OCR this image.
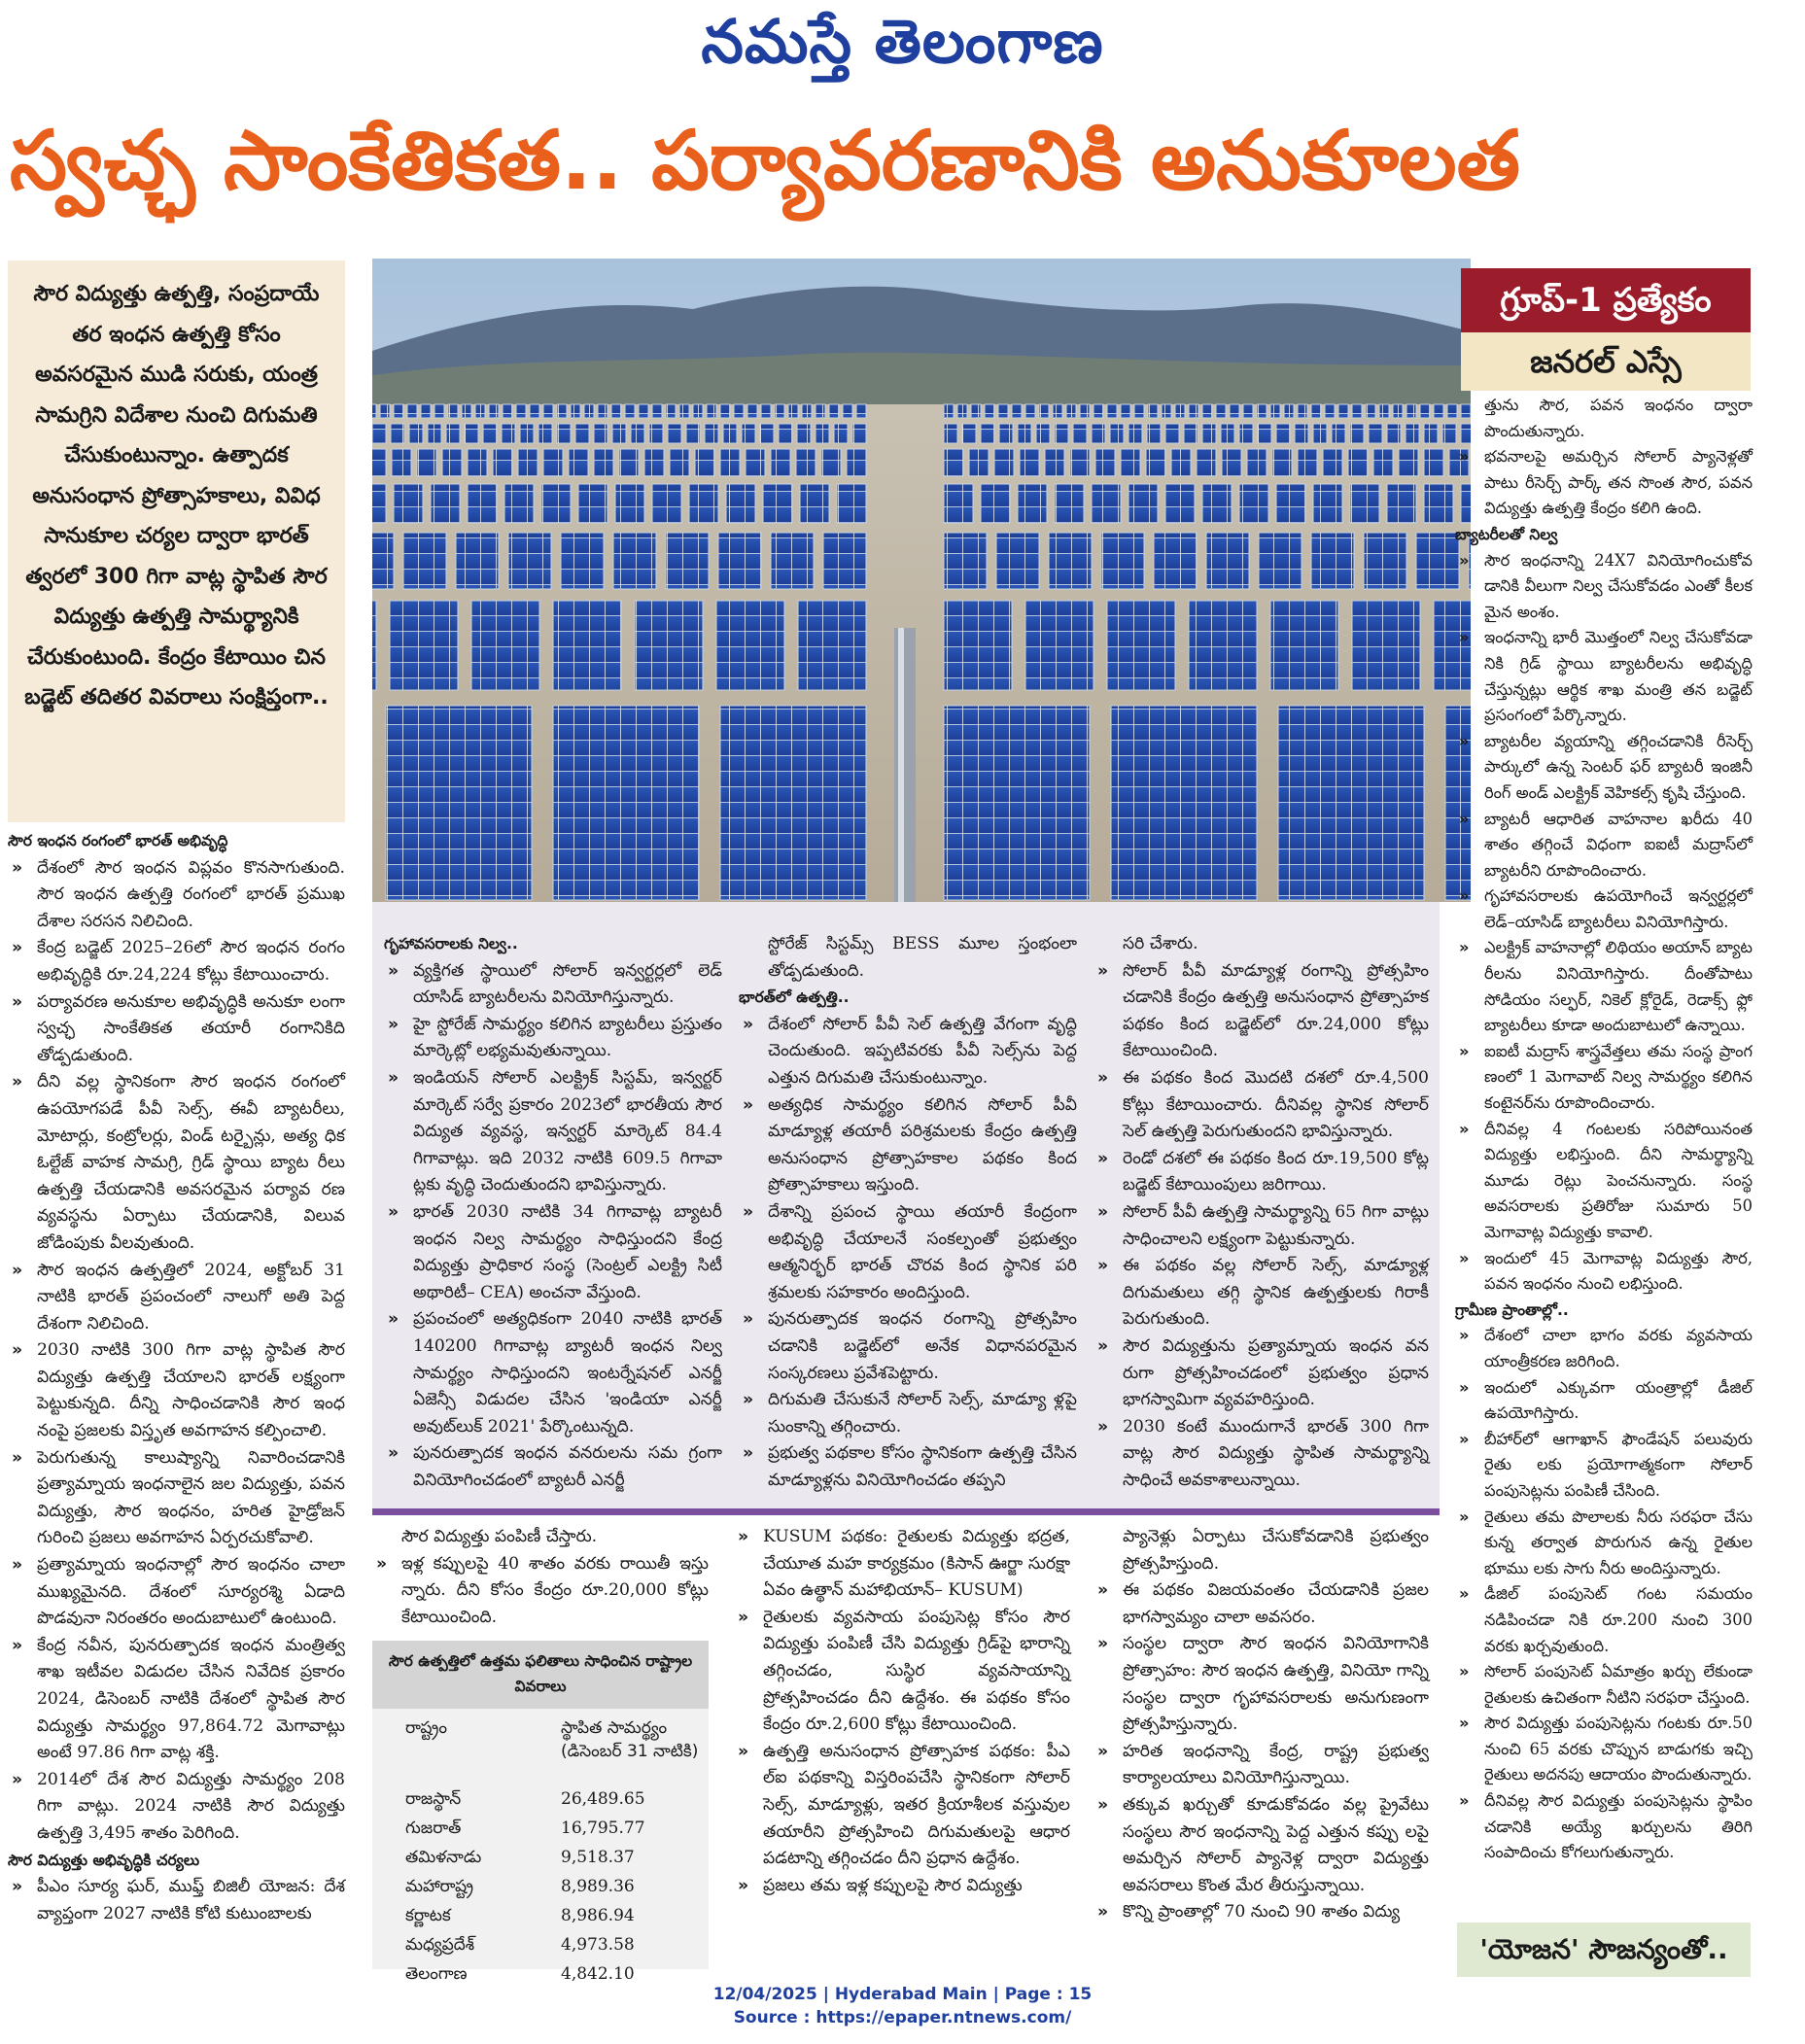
నమస్తే తెలంగాణ
స్వచ్ఛ సాంకేతికత.. పర్యావరణానికి అనుకూలత
సౌర విద్యుత్తు ఉత్పత్తి, సంప్రదాయే తర ఇంధన ఉత్పత్తి కోసం అవసరమైన ముడి సరుకు, యంత్ర సామగ్రిని విదేశాల నుంచి దిగుమతి చేసుకుంటున్నాం. ఉత్పాదక అనుసంధాన ప్రోత్సాహకాలు, వివిధ సానుకూల చర్యల ద్వారా భారత్ త్వరలో 300 గిగా వాట్ల స్థాపిత సౌర విద్యుత్తు ఉత్పత్తి సామర్థ్యానికి చేరుకుంటుంది. కేంద్రం కేటాయిం చిన బడ్జెట్ తదితర వివరాలు సంక్షిప్తంగా..
గ్రూప్-1 ప్రత్యేకం
జనరల్ ఎస్సే

సౌర ఇంధన రంగంలో భారత్ అభివృద్ధి

» దేశంలో సౌర ఇంధన విప్లవం కొనసాగుతుంది. సౌర ఇంధన ఉత్పత్తి రంగంలో భారత్ ప్రముఖ దేశాల సరసన నిలిచింది.

» కేంద్ర బడ్జెట్ 2025–26లో సౌర ఇంధన రంగం అభివృద్ధికి రూ.24,224 కోట్లు కేటాయించారు.

» పర్యావరణ అనుకూల అభివృద్ధికి అనుకూ లంగా స్వచ్ఛ సాంకేతికత తయారీ రంగానికిది తోడ్పడుతుంది.

» దీని వల్ల స్థానికంగా సౌర ఇంధన రంగంలో ఉపయోగపడే పీవీ సెల్స్, ఈవీ బ్యాటరీలు, మోటార్లు, కంట్రోలర్లు, విండ్ టర్బైన్లు, అత్య ధిక ఓల్టేజ్ వాహక సామగ్రి, గ్రిడ్ స్థాయి బ్యాట రీలు ఉత్పత్తి చేయడానికి అవసరమైన పర్యావ రణ వ్యవస్థను ఏర్పాటు చేయడానికి, విలువ జోడింపుకు వీలవుతుంది.

» సౌర ఇంధన ఉత్పత్తిలో 2024, అక్టోబర్ 31 నాటికి భారత్ ప్రపంచంలో నాలుగో అతి పెద్ద దేశంగా నిలిచింది.

» 2030 నాటికి 300 గిగా వాట్ల స్థాపిత సౌర విద్యుత్తు ఉత్పత్తి చేయాలని భారత్ లక్ష్యంగా పెట్టుకున్నది. దీన్ని సాధించడానికి సౌర ఇంధ నంపై ప్రజలకు విస్తృత అవగాహన కల్పించాలి.

» పెరుగుతున్న కాలుష్యాన్ని నివారించడానికి ప్రత్యామ్నాయ ఇంధనాలైన జల విద్యుత్తు, పవన విద్యుత్తు, సౌర ఇంధనం, హరిత హైడ్రోజన్ గురించి ప్రజలు అవగాహన ఏర్పరచుకోవాలి.

» ప్రత్యామ్నాయ ఇంధనాల్లో సౌర ఇంధనం చాలా ముఖ్యమైనది. దేశంలో సూర్యరశ్మి ఏడాది పొడవునా నిరంతరం అందుబాటులో ఉంటుంది.

» కేంద్ర నవీన, పునరుత్పాదక ఇంధన మంత్రిత్వ శాఖ ఇటీవల విడుదల చేసిన నివేదిక ప్రకారం 2024, డిసెంబర్ నాటికి దేశంలో స్థాపిత సౌర విద్యుత్తు సామర్థ్యం 97,864.72 మెగావాట్లు అంటే 97.86 గిగా వాట్ల శక్తి.

» 2014లో దేశ సౌర విద్యుత్తు సామర్థ్యం 208 గిగా వాట్లు. 2024 నాటికి సౌర విద్యుత్తు ఉత్పత్తి 3,495 శాతం పెరిగింది.

సౌర విద్యుత్తు అభివృద్ధికి చర్యలు

» పీఎం సూర్య ఘర్, ముఫ్త్ బిజిలీ యోజన: దేశ వ్యాప్తంగా 2027 నాటికి కోటి కుటుంబాలకు

గృహావసరాలకు నిల్వ..

» వ్యక్తిగత స్థాయిలో సోలార్ ఇన్వర్టర్లలో లెడ్ యాసిడ్ బ్యాటరీలను వినియోగిస్తున్నారు.

» హై స్టోరేజ్ సామర్థ్యం కలిగిన బ్యాటరీలు ప్రస్తుతం మార్కెట్లో లభ్యమవుతున్నాయి.

» ఇండియన్ సోలార్ ఎలక్ట్రిక్ సిస్టమ్, ఇన్వర్టర్ మార్కెట్ సర్వే ప్రకారం 2023లో భారతీయ సౌర విద్యుత వ్యవస్థ, ఇన్వర్టర్ మార్కెట్ 84.4 గిగావాట్లు. ఇది 2032 నాటికి 609.5 గిగావా ట్లకు వృద్ధి చెందుతుందని భావిస్తున్నారు.

» భారత్ 2030 నాటికి 34 గిగావాట్ల బ్యాటరీ ఇంధన నిల్వ సామర్థ్యం సాధిస్తుందని కేంద్ర విద్యుత్తు ప్రాధికార సంస్థ (సెంట్రల్ ఎలక్ట్రి సిటీ అథారిటీ– CEA) అంచనా వేస్తుంది.

» ప్రపంచంలో అత్యధికంగా 2040 నాటికి భారత్ 140200 గిగావాట్ల బ్యాటరీ ఇంధన నిల్వ సామర్థ్యం సాధిస్తుందని ఇంటర్నేషనల్ ఎనర్జీ ఏజెన్సీ విడుదల చేసిన 'ఇండియా ఎనర్జీ అవుట్‌లుక్ 2021' పేర్కొంటున్నది.

» పునరుత్పాదక ఇంధన వనరులను సమ గ్రంగా వినియోగించడంలో బ్యాటరీ ఎనర్జీ

స్టోరేజ్ సిస్టమ్స్ BESS మూల స్తంభంలా తోడ్పడుతుంది.

భారత్‌లో ఉత్పత్తి..

» దేశంలో సోలార్ పీవీ సెల్ ఉత్పత్తి వేగంగా వృద్ధి చెందుతుంది. ఇప్పటివరకు పీవీ సెల్స్‌ను పెద్ద ఎత్తున దిగుమతి చేసుకుంటున్నాం.

» అత్యధిక సామర్థ్యం కలిగిన సోలార్ పీవీ మాడ్యూళ్ల తయారీ పరిశ్రమలకు కేంద్రం ఉత్పత్తి అనుసంధాన ప్రోత్సాహకాల పథకం కింద ప్రోత్సాహకాలు ఇస్తుంది.

» దేశాన్ని ప్రపంచ స్థాయి తయారీ కేంద్రంగా అభివృద్ధి చేయాలనే సంకల్పంతో ప్రభుత్వం ఆత్మనిర్భర్ భారత్ చొరవ కింద స్థానిక పరి శ్రమలకు సహకారం అందిస్తుంది.

» పునరుత్పాదక ఇంధన రంగాన్ని ప్రోత్సహిం చడానికి బడ్జెట్‌లో అనేక విధానపరమైన సంస్కరణలు ప్రవేశపెట్టారు.

» దిగుమతి చేసుకునే సోలార్ సెల్స్, మాడ్యూ ళ్లపై సుంకాన్ని తగ్గించారు.

» ప్రభుత్వ పథకాల కోసం స్థానికంగా ఉత్పత్తి చేసిన మాడ్యూళ్లను వినియోగించడం తప్పని

సరి చేశారు.

» సోలార్ పీవీ మాడ్యూళ్ల రంగాన్ని ప్రోత్సహిం చడానికి కేంద్రం ఉత్పత్తి అనుసంధాన ప్రోత్సాహక పథకం కింద బడ్జెట్‌లో రూ.24,000 కోట్లు కేటాయించింది.

» ఈ పథకం కింద మొదటి దశలో రూ.4,500 కోట్లు కేటాయించారు. దీనివల్ల స్థానిక సోలార్ సెల్ ఉత్పత్తి పెరుగుతుందని భావిస్తున్నారు.

» రెండో దశలో ఈ పథకం కింద రూ.19,500 కోట్ల బడ్జెట్ కేటాయింపులు జరిగాయి.

» సోలార్ పీవీ ఉత్పత్తి సామర్థ్యాన్ని 65 గిగా వాట్లు సాధించాలని లక్ష్యంగా పెట్టుకున్నారు.

» ఈ పథకం వల్ల సోలార్ సెల్స్, మాడ్యూళ్ల దిగుమతులు తగ్గి స్థానిక ఉత్పత్తులకు గిరాకీ పెరుగుతుంది.

» సౌర విద్యుత్తును ప్రత్యామ్నాయ ఇంధన వన రుగా ప్రోత్సహించడంలో ప్రభుత్వం ప్రధాన భాగస్వామిగా వ్యవహరిస్తుంది.

» 2030 కంటే ముందుగానే భారత్ 300 గిగా వాట్ల సౌర విద్యుత్తు స్థాపిత సామర్థ్యాన్ని సాధించే అవకాశాలున్నాయి.

సౌర విద్యుత్తు పంపిణీ చేస్తారు.

» ఇళ్ల కప్పులపై 40 శాతం వరకు రాయితీ ఇస్తు న్నారు. దీని కోసం కేంద్రం రూ.20,000 కోట్లు కేటాయించింది.

సౌర ఉత్పత్తిలో ఉత్తమ ఫలితాలు సాధించిన రాష్ట్రాల వివరాలు
రాష్ట్రం	స్థాపిత సామర్థ్యం (డిసెంబర్ 31 నాటికి)
రాజస్థాన్	26,489.65
గుజరాత్	16,795.77
తమిళనాడు	9,518.37
మహారాష్ట్ర	8,989.36
కర్ణాటక	8,986.94
మధ్యప్రదేశ్	4,973.58
తెలంగాణ	4,842.10

» KUSUM పథకం: రైతులకు విద్యుత్తు భద్రత, చేయూత మహ కార్యక్రమం (కిసాన్ ఊర్జా సురక్షా ఏవం ఉత్థాన్ మహాభియాన్– KUSUM)

» రైతులకు వ్యవసాయ పంపుసెట్ల కోసం సౌర విద్యుత్తు పంపిణీ చేసి విద్యుత్తు గ్రిడ్‌పై భారాన్ని తగ్గించడం, సుస్థిర వ్యవసాయాన్ని ప్రోత్సహించడం దీని ఉద్దేశం. ఈ పథకం కోసం కేంద్రం రూ.2,600 కోట్లు కేటాయించింది.

» ఉత్పత్తి అనుసంధాన ప్రోత్సాహక పథకం: పీఎ ల్ఐ పథకాన్ని విస్తరింపచేసి స్థానికంగా సోలార్ సెల్స్, మాడ్యూళ్లు, ఇతర క్రియాశీలక వస్తువుల తయారీని ప్రోత్సహించి దిగుమతులపై ఆధార పడటాన్ని తగ్గించడం దీని ప్రధాన ఉద్దేశం.

» ప్రజలు తమ ఇళ్ల కప్పులపై సౌర విద్యుత్తు

ప్యానెళ్లు ఏర్పాటు చేసుకోవడానికి ప్రభుత్వం ప్రోత్సహిస్తుంది.

» ఈ పథకం విజయవంతం చేయడానికి ప్రజల భాగస్వామ్యం చాలా అవసరం.

» సంస్థల ద్వారా సౌర ఇంధన వినియోగానికి ప్రోత్సాహం: సౌర ఇంధన ఉత్పత్తి, వినియో గాన్ని సంస్థల ద్వారా గృహావసరాలకు అనుగుణంగా ప్రోత్సహిస్తున్నారు.

» హరిత ఇంధనాన్ని కేంద్ర, రాష్ట్ర ప్రభుత్వ కార్యాలయాలు వినియోగిస్తున్నాయి.

» తక్కువ ఖర్చుతో కూడుకోవడం వల్ల ప్రైవేటు సంస్థలు సౌర ఇంధనాన్ని పెద్ద ఎత్తున కప్పు లపై అమర్చిన సోలార్ ప్యానెళ్ల ద్వారా విద్యుత్తు అవసరాలు కొంత మేర తీరుస్తున్నాయి.

» కొన్ని ప్రాంతాల్లో 70 నుంచి 90 శాతం విద్యు

త్తును సౌర, పవన ఇంధనం ద్వారా పొందుతున్నారు.

» భవనాలపై అమర్చిన సోలార్ ప్యానెళ్లతో పాటు రీసెర్చ్ పార్క్ తన సొంత సౌర, పవన విద్యుత్తు ఉత్పత్తి కేంద్రం కలిగి ఉంది.

బ్యాటరీలతో నిల్వ

» సౌర ఇంధనాన్ని 24X7 వినియోగించుకోవ డానికి వీలుగా నిల్వ చేసుకోవడం ఎంతో కీలక మైన అంశం.

» ఇంధనాన్ని భారీ మొత్తంలో నిల్వ చేసుకోవడా నికి గ్రిడ్ స్థాయి బ్యాటరీలను అభివృద్ధి చేస్తున్నట్లు ఆర్థిక శాఖ మంత్రి తన బడ్జెట్ ప్రసంగంలో పేర్కొన్నారు.

» బ్యాటరీల వ్యయాన్ని తగ్గించడానికి రీసెర్చ్ పార్కులో ఉన్న సెంటర్ ఫర్ బ్యాటరీ ఇంజినీ రింగ్ అండ్ ఎలక్ట్రిక్ వెహికల్స్ కృషి చేస్తుంది.

» బ్యాటరీ ఆధారిత వాహనాల ఖరీదు 40 శాతం తగ్గించే విధంగా ఐఐటీ మద్రాస్‌లో బ్యాటరీని రూపొందించారు.

» గృహావసరాలకు ఉపయోగించే ఇన్వర్టర్లలో లెడ్–యాసిడ్ బ్యాటరీలు వినియోగిస్తారు.

» ఎలక్ట్రిక్ వాహనాల్లో లిథియం అయాన్ బ్యాట రీలను వినియోగిస్తారు. దీంతోపాటు సోడియం సల్ఫర్, నికెల్ క్లోరైడ్, రెడాక్స్ ఫ్లో బ్యాటరీలు కూడా అందుబాటులో ఉన్నాయి.

» ఐఐటీ మద్రాస్ శాస్త్రవేత్తలు తమ సంస్థ ప్రాంగ ణంలో 1 మెగావాట్ నిల్వ సామర్థ్యం కలిగిన కంటైనర్‌ను రూపొందించారు.

» దీనివల్ల 4 గంటలకు సరిపోయినంత విద్యుత్తు లభిస్తుంది. దీని సామర్థ్యాన్ని మూడు రెట్లు పెంచనున్నారు. సంస్థ అవసరాలకు ప్రతిరోజు సుమారు 50 మెగావాట్ల విద్యుత్తు కావాలి.

» ఇందులో 45 మెగావాట్ల విద్యుత్తు సౌర, పవన ఇంధనం నుంచి లభిస్తుంది.

గ్రామీణ ప్రాంతాల్లో..

» దేశంలో చాలా భాగం వరకు వ్యవసాయ యాంత్రీకరణ జరిగింది.

» ఇందులో ఎక్కువగా యంత్రాల్లో డీజిల్ ఉపయోగిస్తారు.

» బీహార్‌లో ఆగాఖాన్ ఫౌండేషన్ పలువురు రైతు లకు ప్రయోగాత్మకంగా సోలార్ పంపుసెట్లను పంపిణీ చేసింది.

» రైతులు తమ పొలాలకు నీరు సరఫరా చేసు కున్న తర్వాత పొరుగున ఉన్న రైతుల భూము లకు సాగు నీరు అందిస్తున్నారు.

» డీజిల్ పంపుసెట్ గంట సమయం నడిపించడా నికి రూ.200 నుంచి 300 వరకు ఖర్చవుతుంది.

» సోలార్ పంపుసెట్ ఏమాత్రం ఖర్చు లేకుండా రైతులకు ఉచితంగా నీటిని సరఫరా చేస్తుంది.

» సౌర విద్యుత్తు పంపుసెట్లను గంటకు రూ.50 నుంచి 65 వరకు చొప్పున బాడుగకు ఇచ్చి రైతులు అదనపు ఆదాయం పొందుతున్నారు.

» దీనివల్ల సౌర విద్యుత్తు పంపుసెట్లను స్థాపిం చడానికి అయ్యే ఖర్చులను తిరిగి సంపాదించు కోగలుగుతున్నారు.

'యోజన' సౌజన్యంతో..
12/04/2025 | Hyderabad Main | Page : 15
Source : https://epaper.ntnews.com/
